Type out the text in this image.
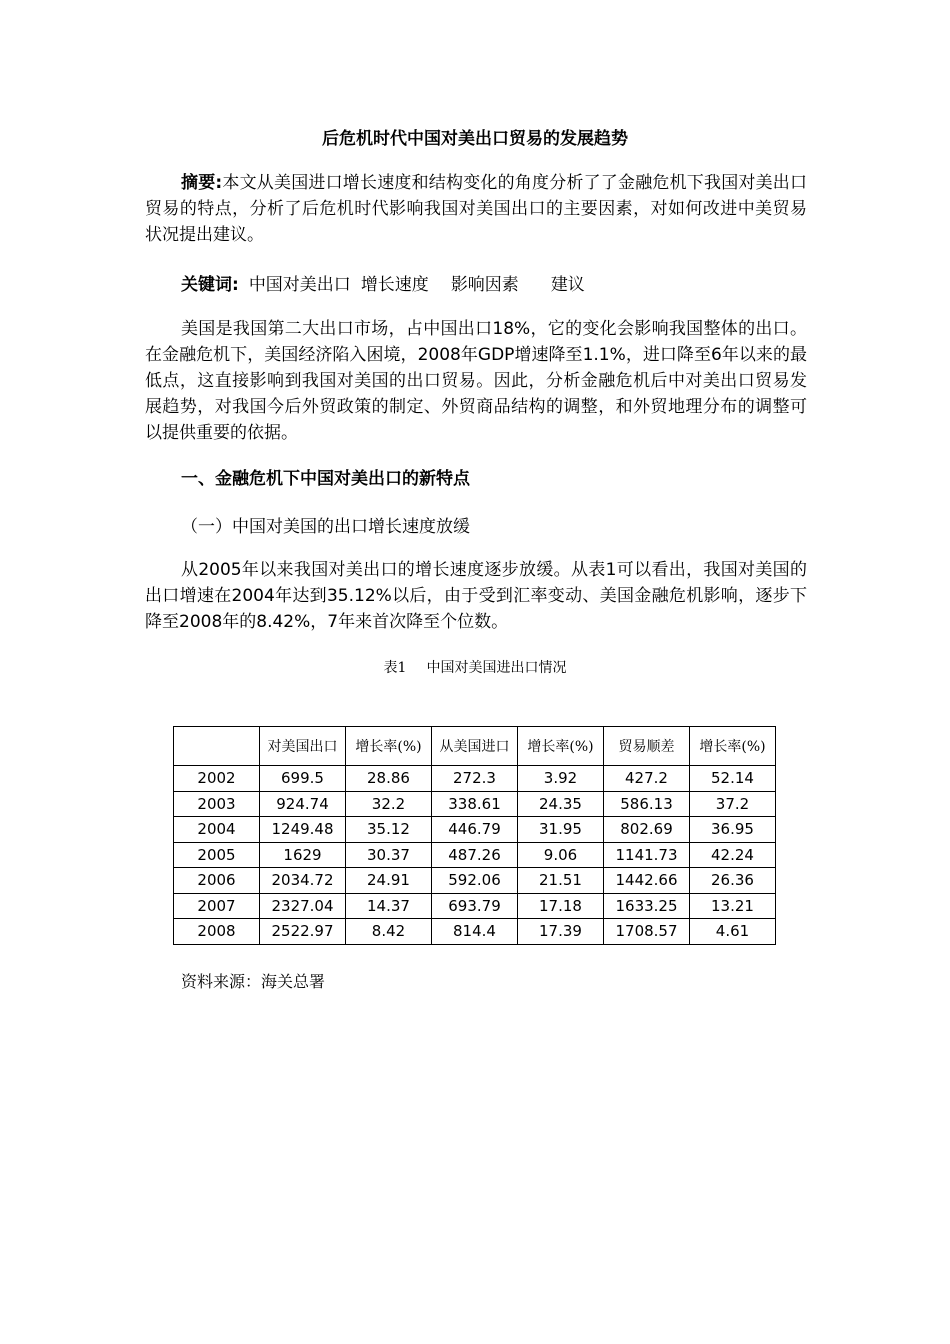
后危机时代中国对美出口贸易的发展趋势

摘要:本文从美国进口增长速度和结构变化的角度分析了了金融危机下我国对美出口贸易的特点，分析了后危机时代影响我国对美国出口的主要因素，对如何改进中美贸易状况提出建议。

关键词: 中国对美出口 增长速度 影响因素 建议

美国是我国第二大出口市场，占中国出口18%，它的变化会影响我国整体的出口。在金融危机下，美国经济陷入困境，2008年GDP增速降至1.1%，进口降至6年以来的最低点，这直接影响到我国对美国的出口贸易。因此，分析金融危机后中对美出口贸易发展趋势，对我国今后外贸政策的制定、外贸商品结构的调整，和外贸地理分布的调整可以提供重要的依据。

一、金融危机下中国对美出口的新特点
（一）中国对美国的出口增长速度放缓

从2005年以来我国对美出口的增长速度逐步放缓。从表1可以看出，我国对美国的出口增速在2004年达到35.12%以后，由于受到汇率变动、美国金融危机影响，逐步下降至2008年的8.42%，7年来首次降至个位数。

表1 中国对美国进出口情况
	对美国出口	增长率(%)	从美国进口	增长率(%)	贸易顺差	增长率(%)
2002	699.5	28.86	272.3	3.92	427.2	52.14
2003	924.74	32.2	338.61	24.35	586.13	37.2
2004	1249.48	35.12	446.79	31.95	802.69	36.95
2005	1629	30.37	487.26	9.06	1141.73	42.24
2006	2034.72	24.91	592.06	21.51	1442.66	26.36
2007	2327.04	14.37	693.79	17.18	1633.25	13.21
2008	2522.97	8.42	814.4	17.39	1708.57	4.61
资料来源：海关总署
